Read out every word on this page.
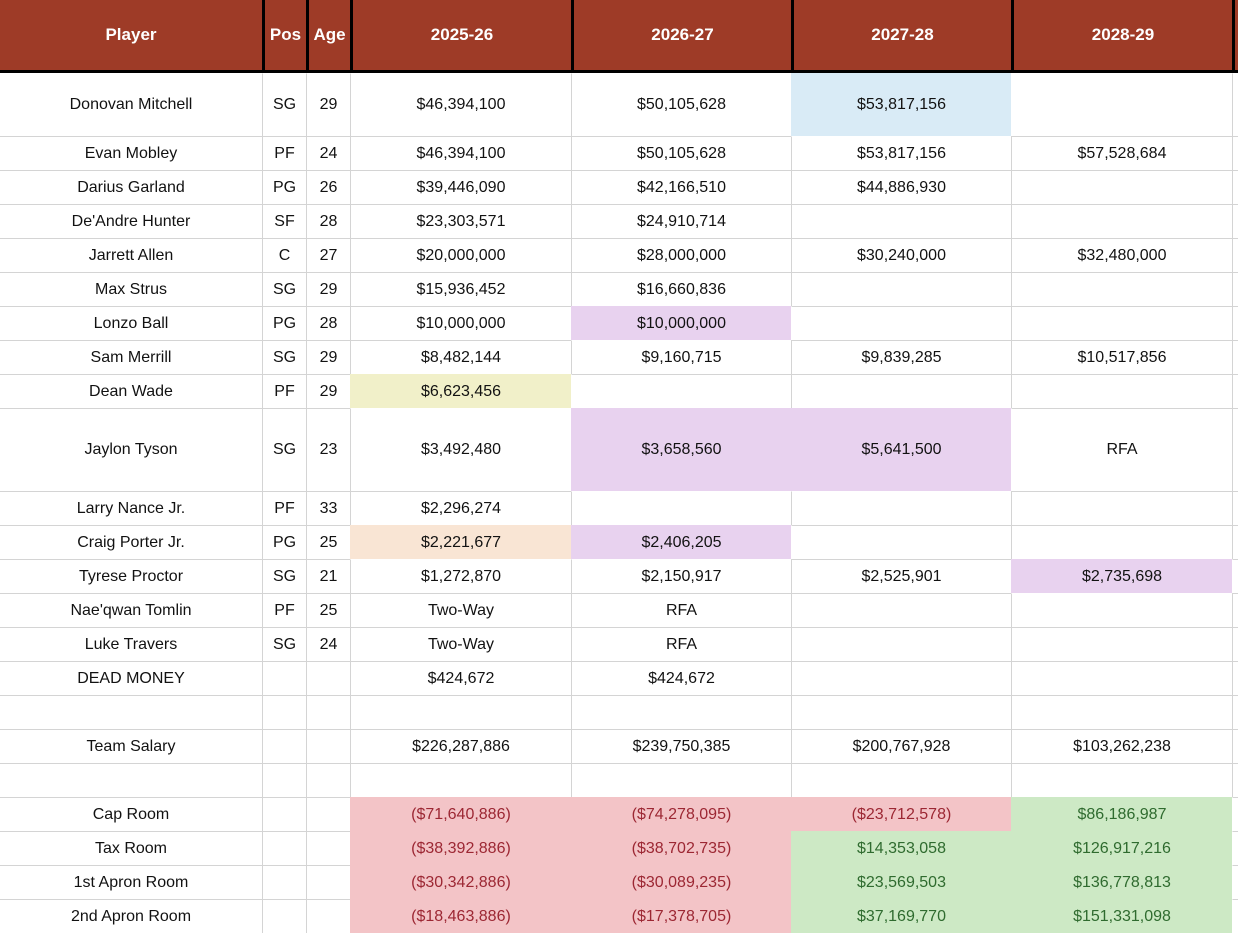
Player	Pos	Age	2025-26	2026-27	2027-28	2028-29	
Donovan Mitchell	SG	29	$46,394,100	$50,105,628	$53,817,156		
Evan Mobley	PF	24	$46,394,100	$50,105,628	$53,817,156	$57,528,684	
Darius Garland	PG	26	$39,446,090	$42,166,510	$44,886,930		
De'Andre Hunter	SF	28	$23,303,571	$24,910,714			
Jarrett Allen	C	27	$20,000,000	$28,000,000	$30,240,000	$32,480,000	
Max Strus	SG	29	$15,936,452	$16,660,836			
Lonzo Ball	PG	28	$10,000,000	$10,000,000			
Sam Merrill	SG	29	$8,482,144	$9,160,715	$9,839,285	$10,517,856	
Dean Wade	PF	29	$6,623,456				
Jaylon Tyson	SG	23	$3,492,480	$3,658,560	$5,641,500	RFA	
Larry Nance Jr.	PF	33	$2,296,274				
Craig Porter Jr.	PG	25	$2,221,677	$2,406,205			
Tyrese Proctor	SG	21	$1,272,870	$2,150,917	$2,525,901	$2,735,698	
Nae'qwan Tomlin	PF	25	Two-Way	RFA			
Luke Travers	SG	24	Two-Way	RFA			
DEAD MONEY			$424,672	$424,672			

Team Salary			$226,287,886	$239,750,385	$200,767,928	$103,262,238	

Cap Room			($71,640,886)	($74,278,095)	($23,712,578)	$86,186,987	
Tax Room			($38,392,886)	($38,702,735)	$14,353,058	$126,917,216	
1st Apron Room			($30,342,886)	($30,089,235)	$23,569,503	$136,778,813	
2nd Apron Room			($18,463,886)	($17,378,705)	$37,169,770	$151,331,098	
